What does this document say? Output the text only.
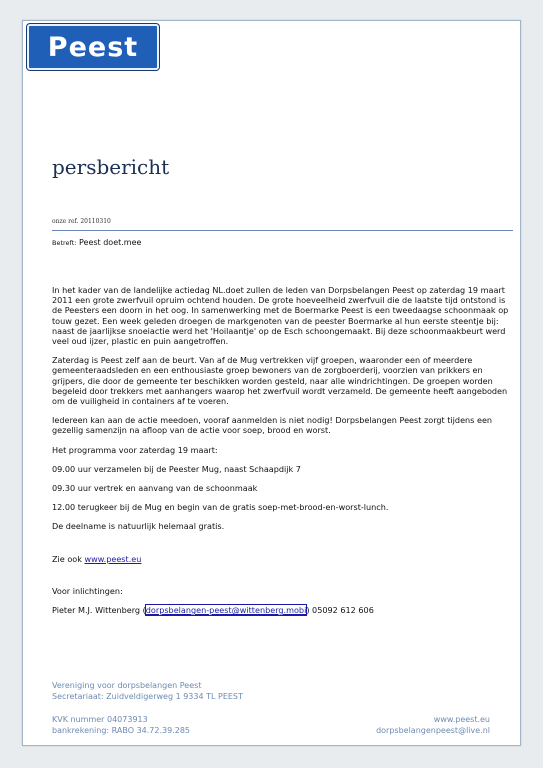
Peest
persbericht
onze ref. 20110310
Betreft: Peest doet.mee

In het kader van de landelijke actiedag NL.doet zullen de leden van Dorpsbelangen Peest op zaterdag 19 maart 2011 een grote zwerfvuil opruim ochtend houden. De grote hoeveelheid zwerfvuil die de laatste tijd ontstond is de Peesters een doorn in het oog. In samenwerking met de Boermarke Peest is een tweedaagse schoonmaak op touw gezet. Een week geleden droegen de markgenoten van de peester Boermarke al hun eerste steentje bij: naast de jaarlijkse snoeiactie werd het 'Hoilaantje' op de Esch schoongemaakt. Bij deze schoonmaakbeurt werd veel oud ijzer, plastic en puin aangetroffen.

Zaterdag is Peest zelf aan de beurt. Van af de Mug vertrekken vijf groepen, waaronder een of meerdere gemeenteraadsleden en een enthousiaste groep bewoners van de zorgboerderij, voorzien van prikkers en grijpers, die door de gemeente ter beschikken worden gesteld, naar alle windrichtingen. De groepen worden begeleid door trekkers met aanhangers waarop het zwerfvuil wordt verzameld. De gemeente heeft aangeboden om de vuiligheid in containers af te voeren.

Iedereen kan aan de actie meedoen, vooraf aanmelden is niet nodig! Dorpsbelangen Peest zorgt tijdens een gezellig samenzijn na afloop van de actie voor soep, brood en worst.

Het programma voor zaterdag 19 maart:

09.00 uur verzamelen bij de Peester Mug, naast Schaapdijk 7

09.30 uur vertrek en aanvang van de schoonmaak

12.00 terugkeer bij de Mug en begin van de gratis soep-met-brood-en-worst-lunch.

De deelname is natuurlijk helemaal gratis.

Zie ook www.peest.eu

Voor inlichtingen:

Pieter M.J. Wittenberg (dorpsbelangen-peest@wittenberg.mobi) 05092 612 606

Vereniging voor dorpsbelangen Peest
Secretariaat: Zuidveldigerweg 1 9334 TL PEEST
KVK nummer 04073913
bankrekening: RABO 34.72.39.285
www.peest.eu
dorpsbelangenpeest@live.nl
